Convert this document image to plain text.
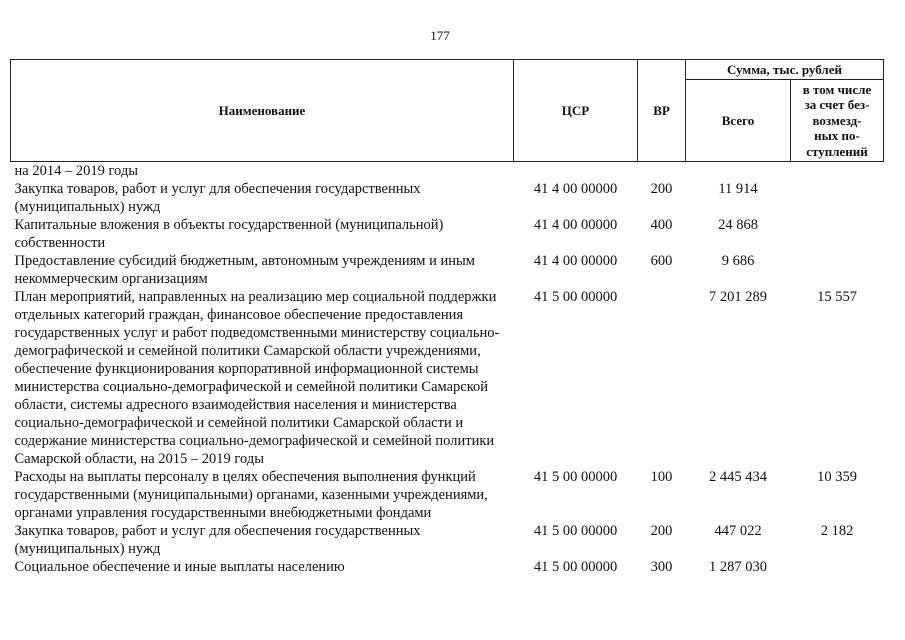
177
Наименование	ЦСР	ВР	Сумма, тыс. рублей	
			Всего	в том числе
за счет без-
возмезд-
ных по-
ступлений
на 2014 – 2019 годы				
Закупка товаров, работ и услуг для обеспечения государственных (муниципальных) нужд	41 4 00 00000	200	11 914	
Капитальные вложения в объекты государственной (муниципальной) собственности	41 4 00 00000	400	24 868	
Предоставление субсидий бюджетным, автономным учреждениям и иным некоммерческим организациям	41 4 00 00000	600	9 686	
План мероприятий, направленных на реализацию мер социальной поддержки отдельных категорий граждан, финансовое обеспечение предоставления государственных услуг и работ подведомственными министерству социально-демографической и семейной политики Самарской области учреждениями, обеспечение функционирования корпоративной информационной системы министерства социально-демографической и семейной политики Самарской области, системы адресного взаимодействия населения и министерства социально-демографической и семейной политики Самарской области и содержание министерства социально-демографической и семейной политики Самарской области, на 2015 – 2019 годы	41 5 00 00000		7 201 289	15 557
Расходы на выплаты персоналу в целях обеспечения выполнения функций государственными (муниципальными) органами, казенными учреждениями, органами управления государственными внебюджетными фондами	41 5 00 00000	100	2 445 434	10 359
Закупка товаров, работ и услуг для обеспечения государственных (муниципальных) нужд	41 5 00 00000	200	447 022	2 182
Социальное обеспечение и иные выплаты населению	41 5 00 00000	300	1 287 030	
